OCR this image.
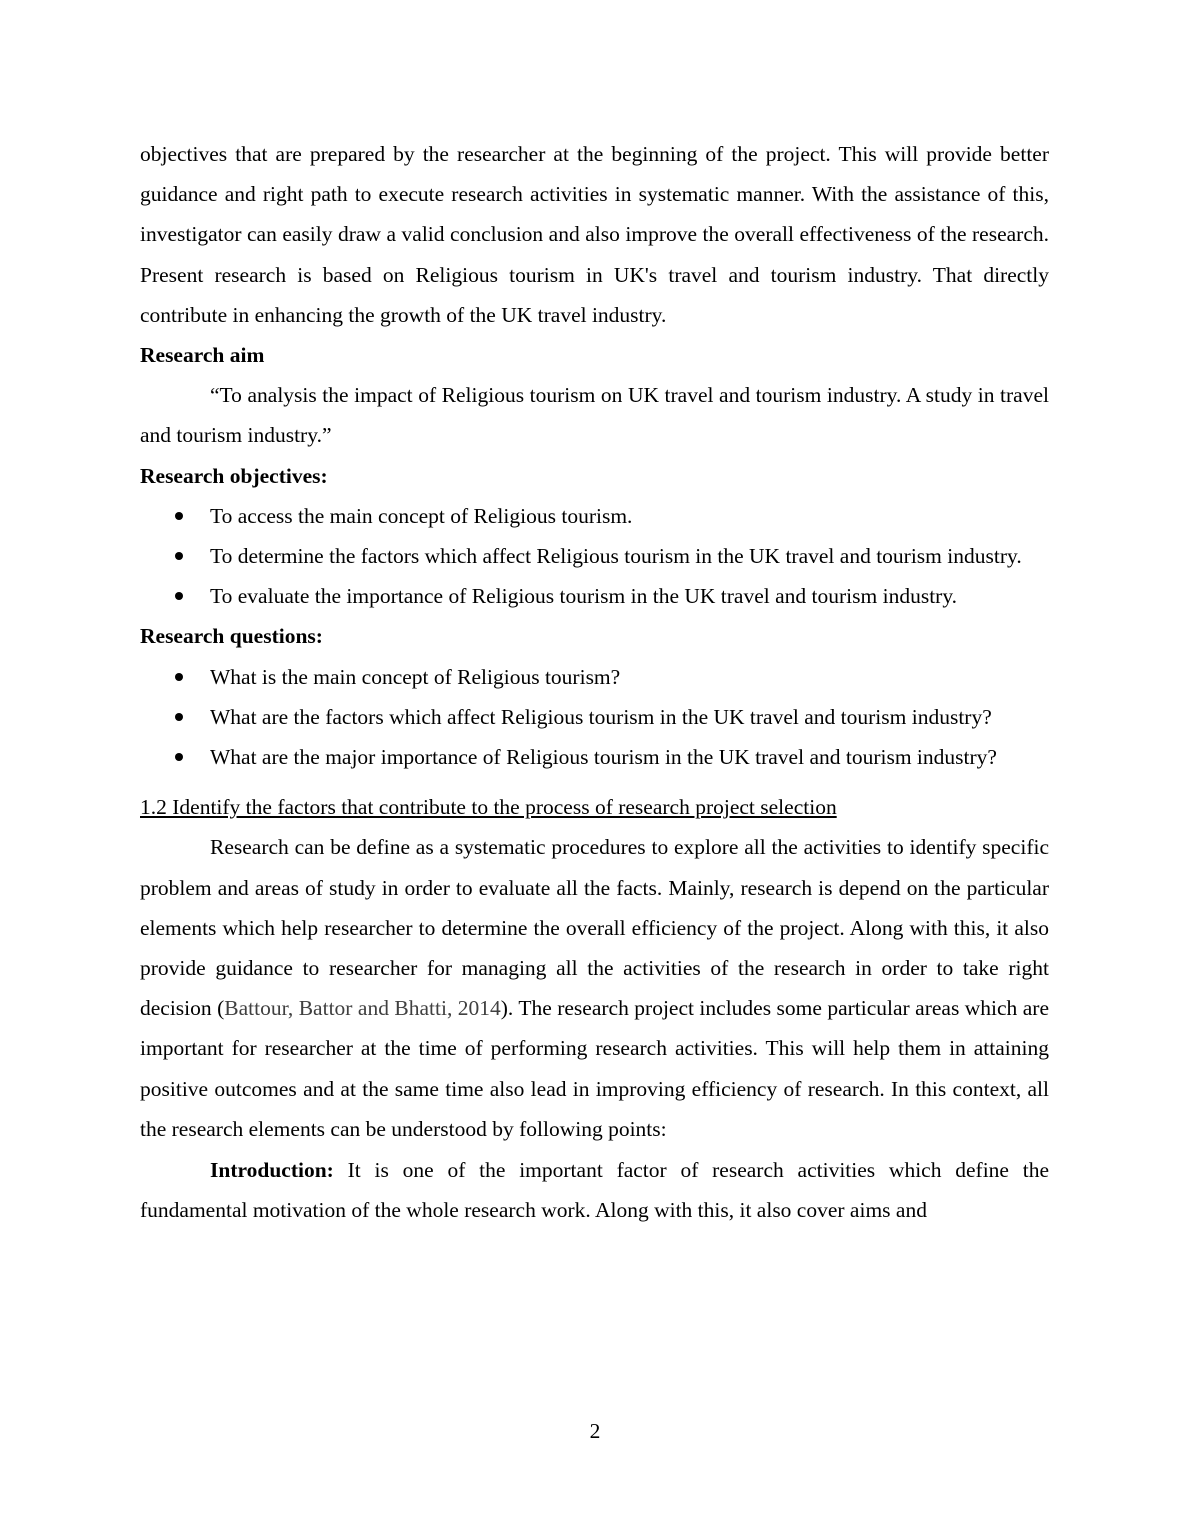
objectives that are prepared by the researcher at the beginning of the project. This will provide better guidance and right path to execute research activities in systematic manner. With the assistance of this, investigator can easily draw a valid conclusion and also improve the overall effectiveness of the research. Present research is based on Religious tourism in UK's travel and tourism industry. That directly contribute in enhancing the growth of the UK travel industry.

Research aim

“To analysis the impact of Religious tourism on UK travel and tourism industry. A study in travel and tourism industry.”

Research objectives:
To access the main concept of Religious tourism.
To determine the factors which affect Religious tourism in the UK travel and tourism industry.
To evaluate the importance of Religious tourism in the UK travel and tourism industry.
Research questions:
What is the main concept of Religious tourism?
What are the factors which affect Religious tourism in the UK travel and tourism industry?
What are the major importance of Religious tourism in the UK travel and tourism industry?
1.2 Identify the factors that contribute to the process of research project selection

Research can be define as a systematic procedures to explore all the activities to identify specific problem and areas of study in order to evaluate all the facts. Mainly, research is depend on the particular elements which help researcher to determine the overall efficiency of the project. Along with this, it also provide guidance to researcher for managing all the activities of the research in order to take right decision (Battour, Battor and Bhatti, 2014). The research project includes some particular areas which are important for researcher at the time of performing research activities. This will help them in attaining positive outcomes and at the same time also lead in improving efficiency of research. In this context, all the research elements can be understood by following points:

Introduction: It is one of the important factor of research activities which define the fundamental motivation of the whole research work. Along with this, it also cover aims and

2
